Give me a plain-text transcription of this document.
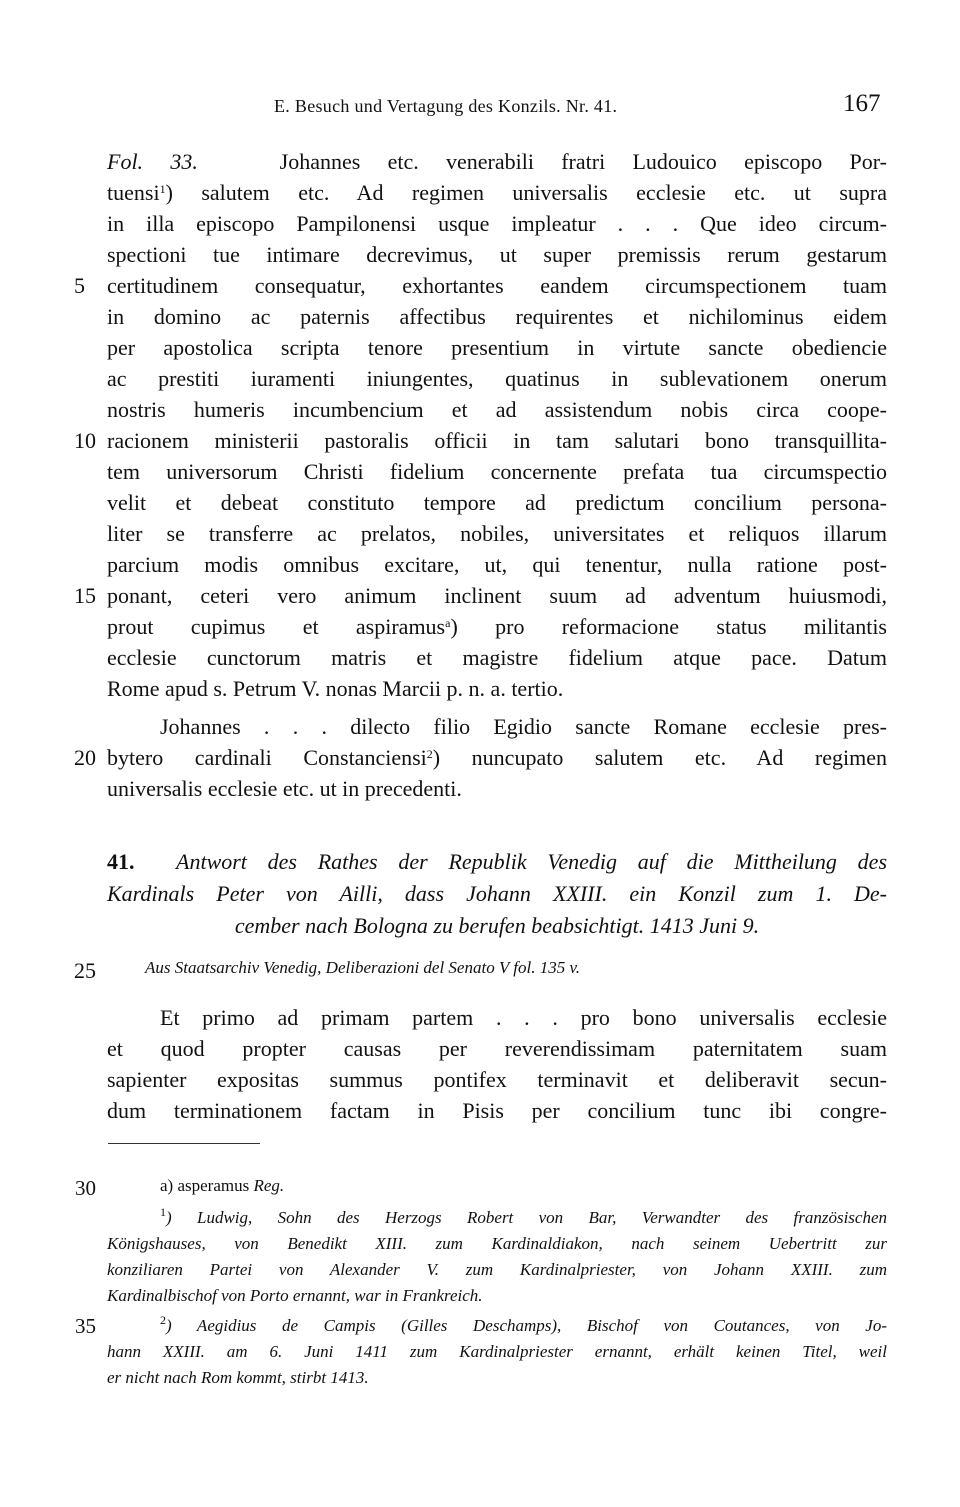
E. Besuch und Vertagung des Konzils. Nr. 41.	167
Fol. 33.	Johannes etc. venerabili fratri Ludouico episcopo Por-
tuensi$^1$) salutem etc. Ad regimen universalis ecclesie etc. ut supra
in illa episcopo Pampilonensi usque impleatur . . . Que ideo circum-
spectioni tue intimare decrevimus, ut super premissis rerum gestarum
5 certitudinem consequatur, exhortantes eandem circumspectionem tuam
in domino ac paternis affectibus requirentes et nichilominus eidem
per apostolica scripta tenore presentium in virtute sancte obediencie
ac prestiti iuramenti iniungentes, quatinus in sublevationem onerum
nostris humeris incumbencium et ad assistendum nobis circa coope-
10 racionem ministerii pastoralis officii in tam salutari bono transquillita-
tem universorum Christi fidelium concernente prefata tua circumspectio
velit et debeat constituto tempore ad predictum concilium persona-
liter se transferre ac prelatos, nobiles, universitates et reliquos illarum
parcium modis omnibus excitare, ut, qui tenentur, nulla ratione post-
15 ponant, ceteri vero animum inclinent suum ad adventum huiusmodi,
prout cupimus et aspiramus$^a$) pro reformacione status militantis
ecclesie cunctorum matris et magistre fidelium atque pace. Datum
Rome apud s. Petrum V. nonas Marcii p. n. a. tertio.
Johannes . . . dilecto filio Egidio sancte Romane ecclesie pres-
20 bytero cardinali Constanciensi$^2$) nuncupato salutem etc. Ad regimen
universalis ecclesie etc. ut in precedenti.
41. Antwort des Rathes der Republik Venedig auf die Mittheilung des
Kardinals Peter von Ailli, dass Johann XXIII. ein Konzil zum 1. De-
cember nach Bologna zu berufen beabsichtigt. 1413 Juni 9.
25	Aus Staatsarchiv Venedig, Deliberazioni del Senato V fol. 135 v.
Et primo ad primam partem . . . pro bono universalis ecclesie
et quod propter causas per reverendissimam paternitatem suam
sapienter expositas summus pontifex terminavit et deliberavit secun-
dum terminationem factam in Pisis per concilium tunc ibi congre-
30	a) asperamus Reg.
$^1$) Ludwig, Sohn des Herzogs Robert von Bar, Verwandter des französischen
Königshauses, von Benedikt XIII. zum Kardinaldiakon, nach seinem Uebertritt zur
konziliaren Partei von Alexander V. zum Kardinalpriester, von Johann XXIII. zum
Kardinalbischof von Porto ernannt, war in Frankreich.
35	$^2$) Aegidius de Campis (Gilles Deschamps), Bischof von Coutances, von Jo-
hann XXIII. am 6. Juni 1411 zum Kardinalpriester ernannt, erhält keinen Titel, weil
er nicht nach Rom kommt, stirbt 1413.
